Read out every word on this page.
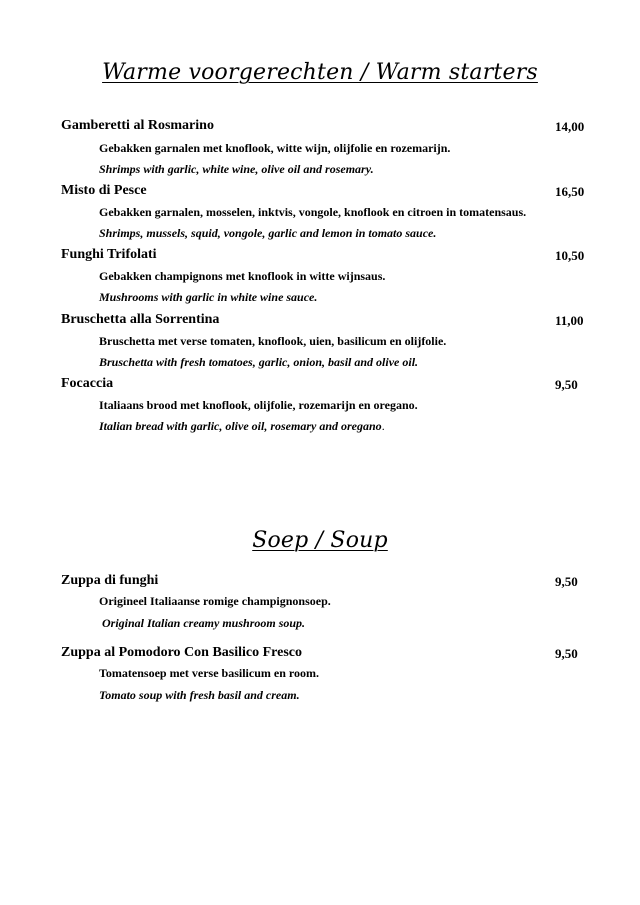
Warme voorgerechten / Warm starters
Gamberetti al Rosmarino	14,00
Gebakken garnalen met knoflook, witte wijn, olijfolie en rozemarijn.
Shrimps with garlic, white wine, olive oil and rosemary.
Misto di Pesce	16,50
Gebakken garnalen, mosselen, inktvis, vongole, knoflook en citroen in tomatensaus.
Shrimps, mussels, squid, vongole, garlic and lemon in tomato sauce.
Funghi Trifolati	10,50
Gebakken champignons met knoflook in witte wijnsaus.
Mushrooms with garlic in white wine sauce.
Bruschetta alla Sorrentina	11,00
Bruschetta met verse tomaten, knoflook, uien, basilicum en olijfolie.
Bruschetta with fresh tomatoes, garlic, onion, basil and olive oil.
Focaccia	9,50
Italiaans brood met knoflook, olijfolie, rozemarijn en oregano.
Italian bread with garlic, olive oil, rosemary and oregano.
Soep / Soup
Zuppa di funghi	9,50
Origineel Italiaanse romige champignonsoep.
Original Italian creamy mushroom soup.
Zuppa al Pomodoro Con Basilico Fresco	9,50
Tomatensoep met verse basilicum en room.
Tomato soup with fresh basil and cream.
